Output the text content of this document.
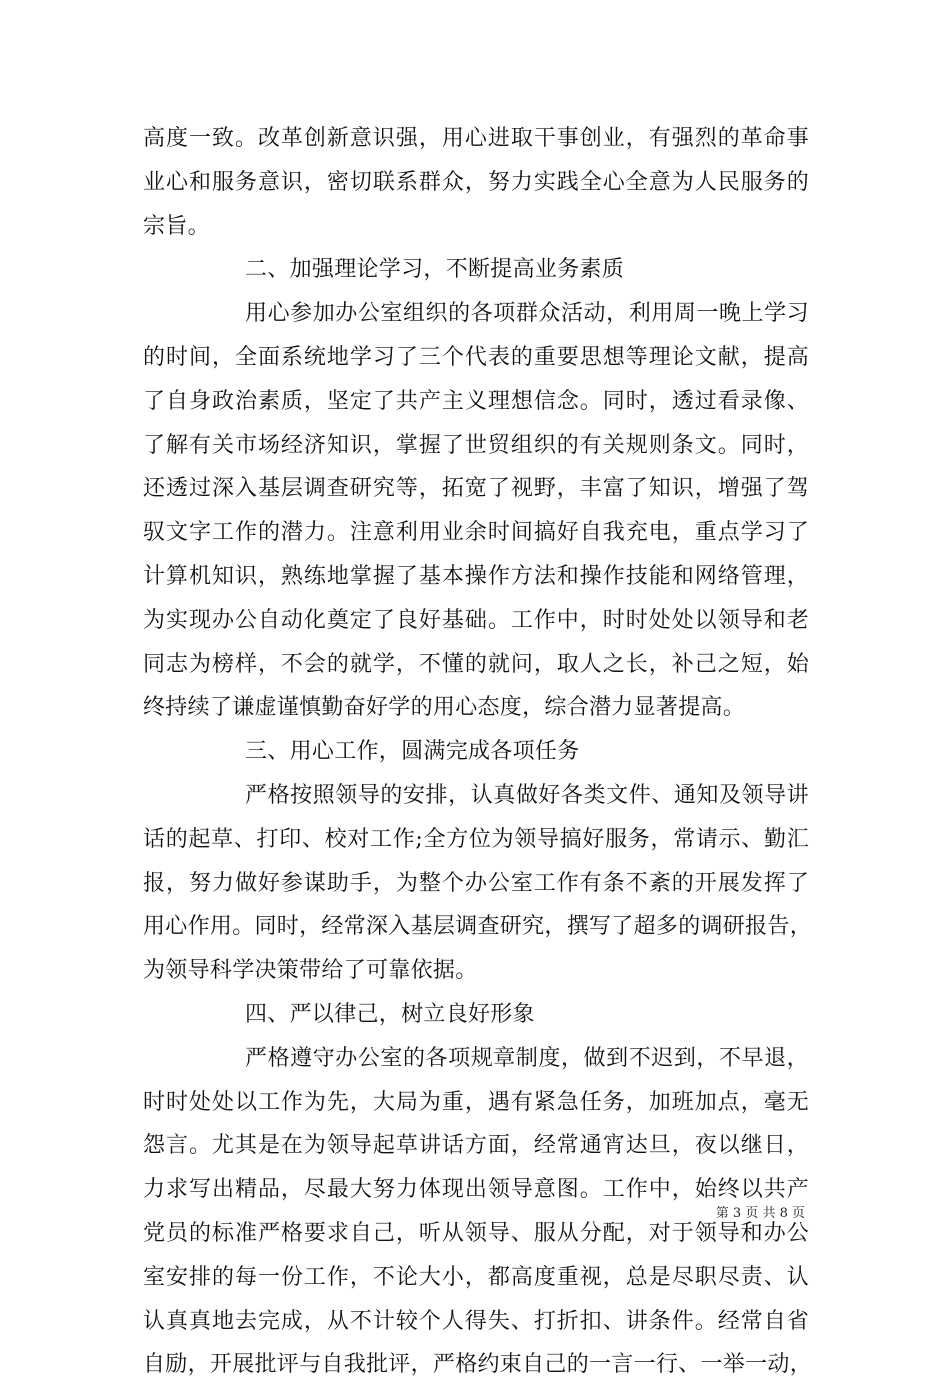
高度一致。改革创新意识强，用心进取干事创业，有强烈的革命事
业心和服务意识，密切联系群众，努力实践全心全意为人民服务的
宗旨。
二、加强理论学习，不断提高业务素质
用心参加办公室组织的各项群众活动，利用周一晚上学习
的时间，全面系统地学习了三个代表的重要思想等理论文献，提高
了自身政治素质，坚定了共产主义理想信念。同时，透过看录像、
了解有关市场经济知识，掌握了世贸组织的有关规则条文。同时，
还透过深入基层调查研究等，拓宽了视野，丰富了知识，增强了驾
驭文字工作的潜力。注意利用业余时间搞好自我充电，重点学习了
计算机知识，熟练地掌握了基本操作方法和操作技能和网络管理，
为实现办公自动化奠定了良好基础。工作中，时时处处以领导和老
同志为榜样，不会的就学，不懂的就问，取人之长，补己之短，始
终持续了谦虚谨慎勤奋好学的用心态度，综合潜力显著提高。
三、用心工作，圆满完成各项任务
严格按照领导的安排，认真做好各类文件、通知及领导讲
话的起草、打印、校对工作;全方位为领导搞好服务，常请示、勤汇
报，努力做好参谋助手，为整个办公室工作有条不紊的开展发挥了
用心作用。同时，经常深入基层调查研究，撰写了超多的调研报告，
为领导科学决策带给了可靠依据。
四、严以律己，树立良好形象
严格遵守办公室的各项规章制度，做到不迟到，不早退，
时时处处以工作为先，大局为重，遇有紧急任务，加班加点，毫无
怨言。尤其是在为领导起草讲话方面，经常通宵达旦，夜以继日，
力求写出精品，尽最大努力体现出领导意图。工作中，始终以共产
党员的标准严格要求自己，听从领导、服从分配，对于领导和办公
室安排的每一份工作，不论大小，都高度重视，总是尽职尽责、认
认真真地去完成，从不计较个人得失、打折扣、讲条件。经常自省
自励，开展批评与自我批评，严格约束自己的一言一行、一举一动，
第 3 页 共 8 页
